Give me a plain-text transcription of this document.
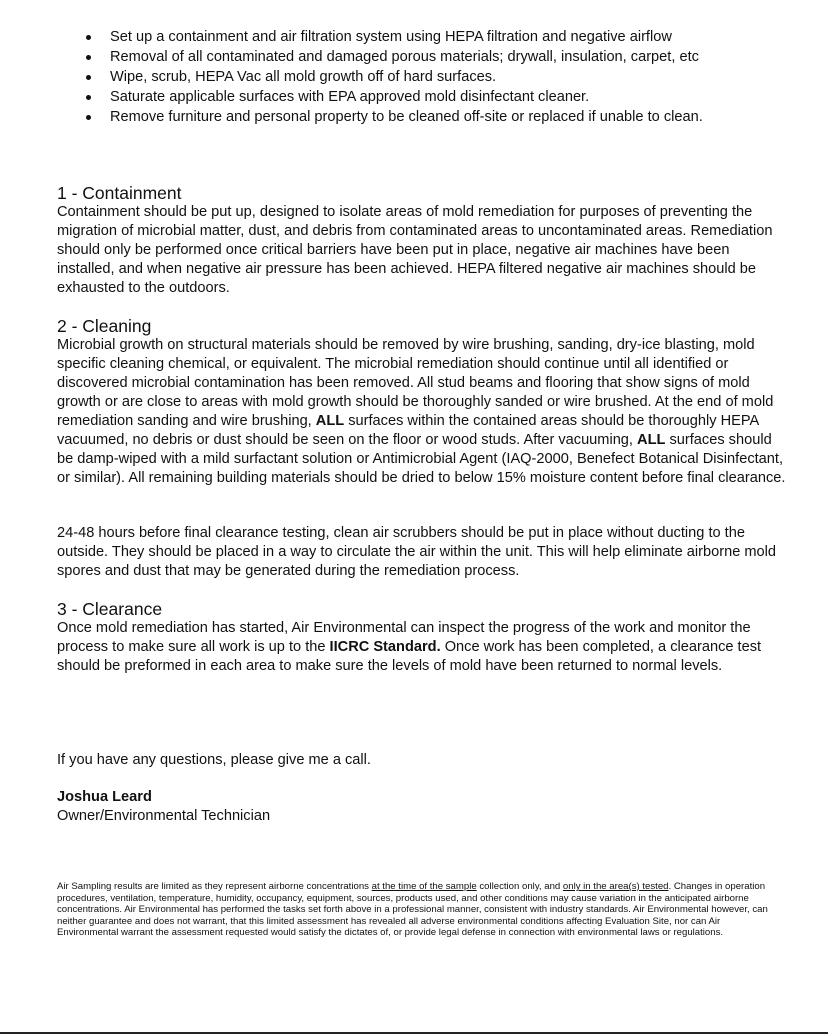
Set up a containment and air filtration system using HEPA filtration and negative airflow
Removal of all contaminated and damaged porous materials; drywall, insulation, carpet, etc
Wipe, scrub, HEPA Vac all mold growth off of hard surfaces.
Saturate applicable surfaces with EPA approved mold disinfectant cleaner.
Remove furniture and personal property to be cleaned off-site or replaced if unable to clean.
1 - Containment

Containment should be put up, designed to isolate areas of mold remediation for purposes of preventing the migration of microbial matter, dust, and debris from contaminated areas to uncontaminated areas. Remediation should only be performed once critical barriers have been put in place, negative air machines have been installed, and when negative air pressure has been achieved. HEPA filtered negative air machines should be exhausted to the outdoors.

2 - Cleaning

Microbial growth on structural materials should be removed by wire brushing, sanding, dry-ice blasting, mold specific cleaning chemical, or equivalent. The microbial remediation should continue until all identified or discovered microbial contamination has been removed. All stud beams and flooring that show signs of mold growth or are close to areas with mold growth should be thoroughly sanded or wire brushed. At the end of mold remediation sanding and wire brushing, ALL surfaces within the contained areas should be thoroughly HEPA vacuumed, no debris or dust should be seen on the floor or wood studs. After vacuuming, ALL surfaces should be damp-wiped with a mild surfactant solution or Antimicrobial Agent (IAQ-2000, Benefect Botanical Disinfectant, or similar). All remaining building materials should be dried to below 15% moisture content before final clearance.

24-48 hours before final clearance testing, clean air scrubbers should be put in place without ducting to the outside. They should be placed in a way to circulate the air within the unit. This will help eliminate airborne mold spores and dust that may be generated during the remediation process.

3 - Clearance

Once mold remediation has started, Air Environmental can inspect the progress of the work and monitor the process to make sure all work is up to the IICRC Standard. Once work has been completed, a clearance test should be preformed in each area to make sure the levels of mold have been returned to normal levels.

If you have any questions, please give me a call.

Joshua Leard

Owner/Environmental Technician

Air Sampling results are limited as they represent airborne concentrations at the time of the sample collection only, and only in the area(s) tested. Changes in operation procedures, ventilation, temperature, humidity, occupancy, equipment, sources, products used, and other conditions may cause variation in the anticipated airborne concentrations. Air Environmental has performed the tasks set forth above in a professional manner, consistent with industry standards. Air Environmental however, can neither guarantee and does not warrant, that this limited assessment has revealed all adverse environmental conditions affecting Evaluation Site, nor can Air Environmental warrant the assessment requested would satisfy the dictates of, or provide legal defense in connection with environmental laws or regulations.
